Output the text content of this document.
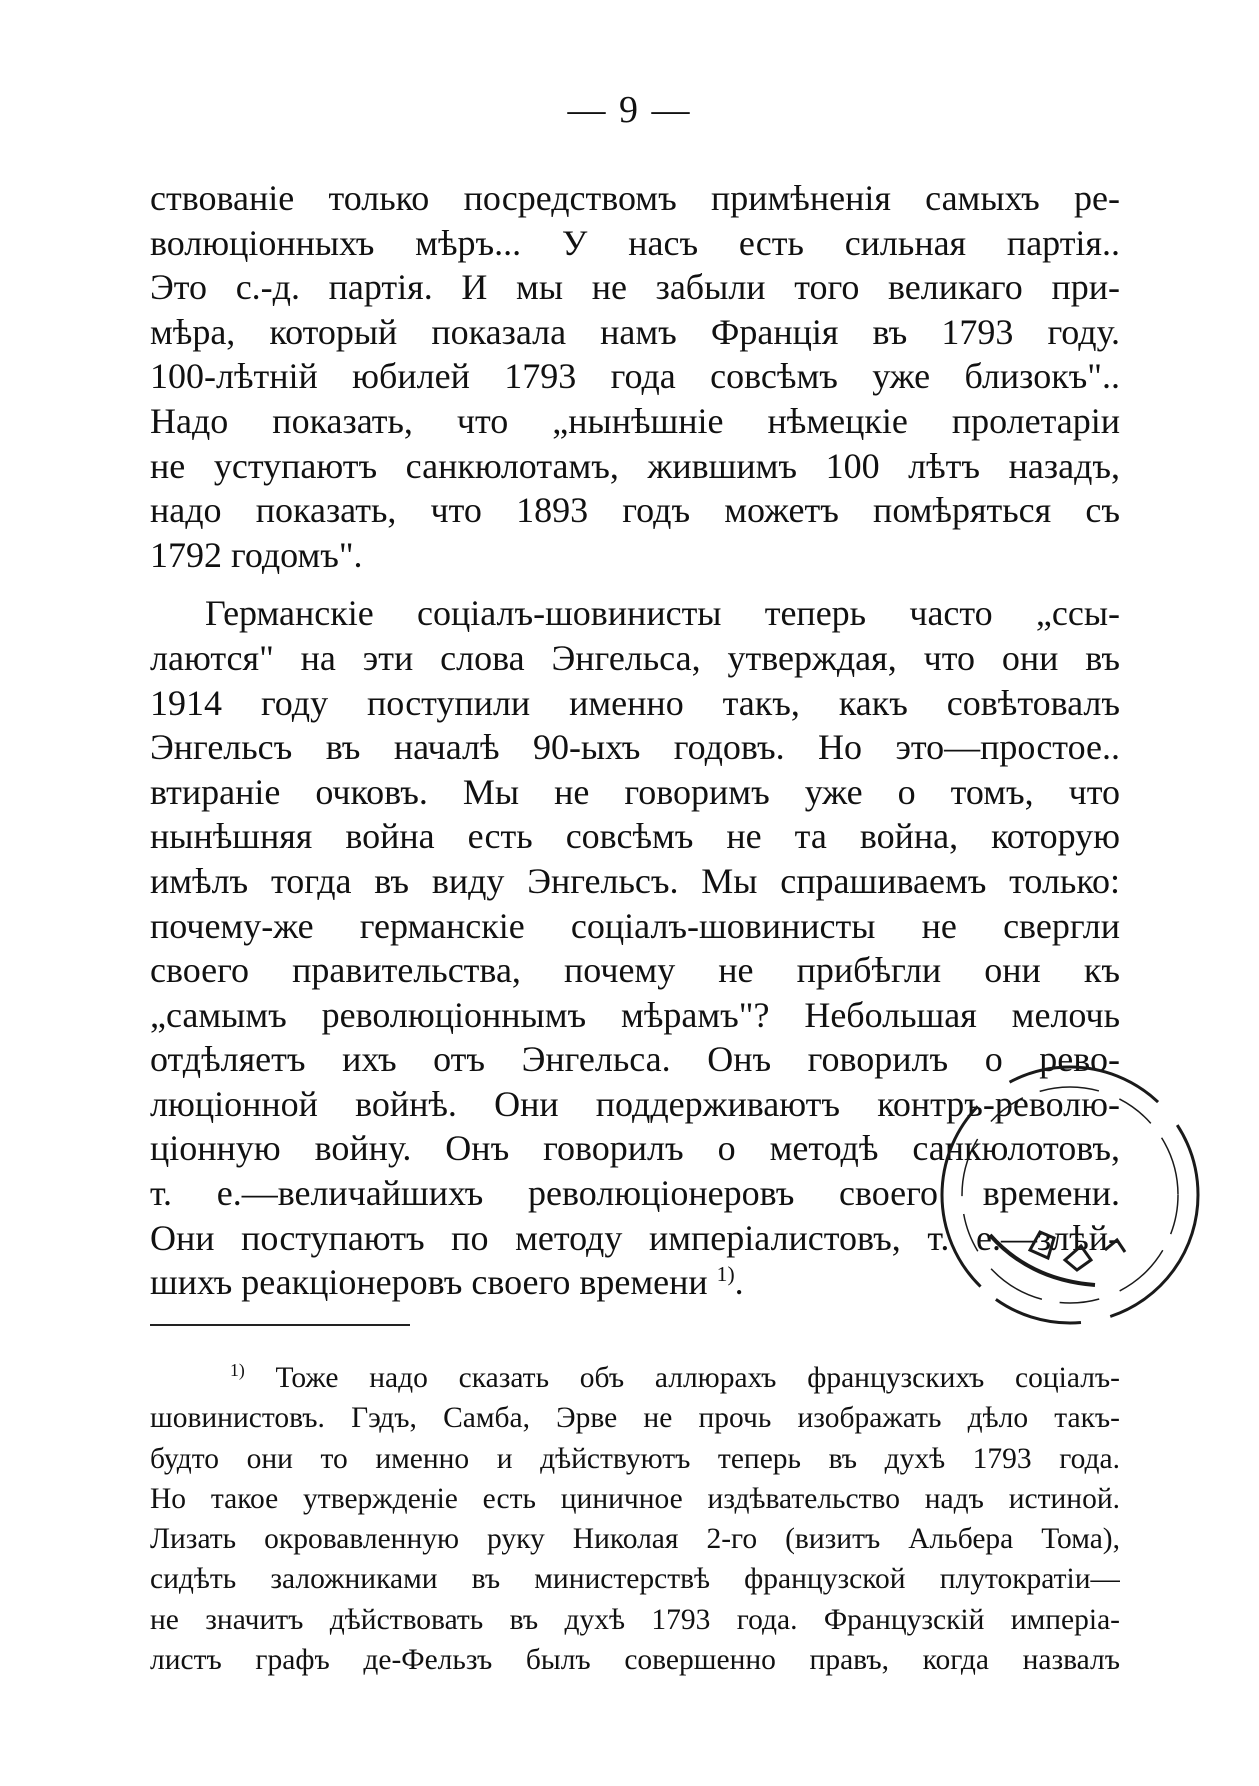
— 9 —
ствованіе только посредствомъ примѣненія самыхъ ре-
волюціонныхъ мѣръ... У насъ есть сильная партія..
Это с.-д. партія. И мы не забыли того великаго при-
мѣра, который показала намъ Франція въ 1793 году.
100-лѣтній юбилей 1793 года совсѣмъ уже близокъ"..
Надо показать, что „нынѣшніе нѣмецкіе пролетаріи
не уступаютъ санкюлотамъ, жившимъ 100 лѣтъ назадъ,
надо показать, что 1893 годъ можетъ помѣряться съ
1792 годомъ".
Германскіе соціалъ-шовинисты теперь часто „ссы-
лаются" на эти слова Энгельса, утверждая, что они въ
1914 году поступили именно такъ, какъ совѣтовалъ
Энгельсъ въ началѣ 90-ыхъ годовъ. Но это—простое..
втираніе очковъ. Мы не говоримъ уже о томъ, что
нынѣшняя война есть совсѣмъ не та война, которую
имѣлъ тогда въ виду Энгельсъ. Мы спрашиваемъ только:
почему-же германскіе соціалъ-шовинисты не свергли
своего правительства, почему не прибѣгли они къ
„самымъ революціоннымъ мѣрамъ"? Небольшая мелочь
отдѣляетъ ихъ отъ Энгельса. Онъ говорилъ о рево-
люціонной войнѣ. Они поддерживаютъ контръ-револю-
ціонную войну. Онъ говорилъ о методѣ санкюлотовъ,
т. е.—величайшихъ революціонеровъ своего времени.
Они поступаютъ по методу имперіалистовъ, т. е.—злѣй-
шихъ реакціонеровъ своего времени $^{1)}$.
$^{1)}$ Тоже надо сказать объ аллюрахъ французскихъ соціалъ-
шовинистовъ. Гэдъ, Самба, Эрве не прочь изображать дѣло такъ-
будто они то именно и дѣйствуютъ теперь въ духѣ 1793 года.
Но такое утвержденіе есть циничное издѣвательство надъ истиной.
Лизать окровавленную руку Николая 2-го (визитъ Альбера Тома),
сидѣть заложниками въ министерствѣ французской плутократіи—
не значитъ дѣйствовать въ духѣ 1793 года. Французскій имперіа-
листъ графъ де-Фельзъ былъ совершенно правъ, когда назвалъ
